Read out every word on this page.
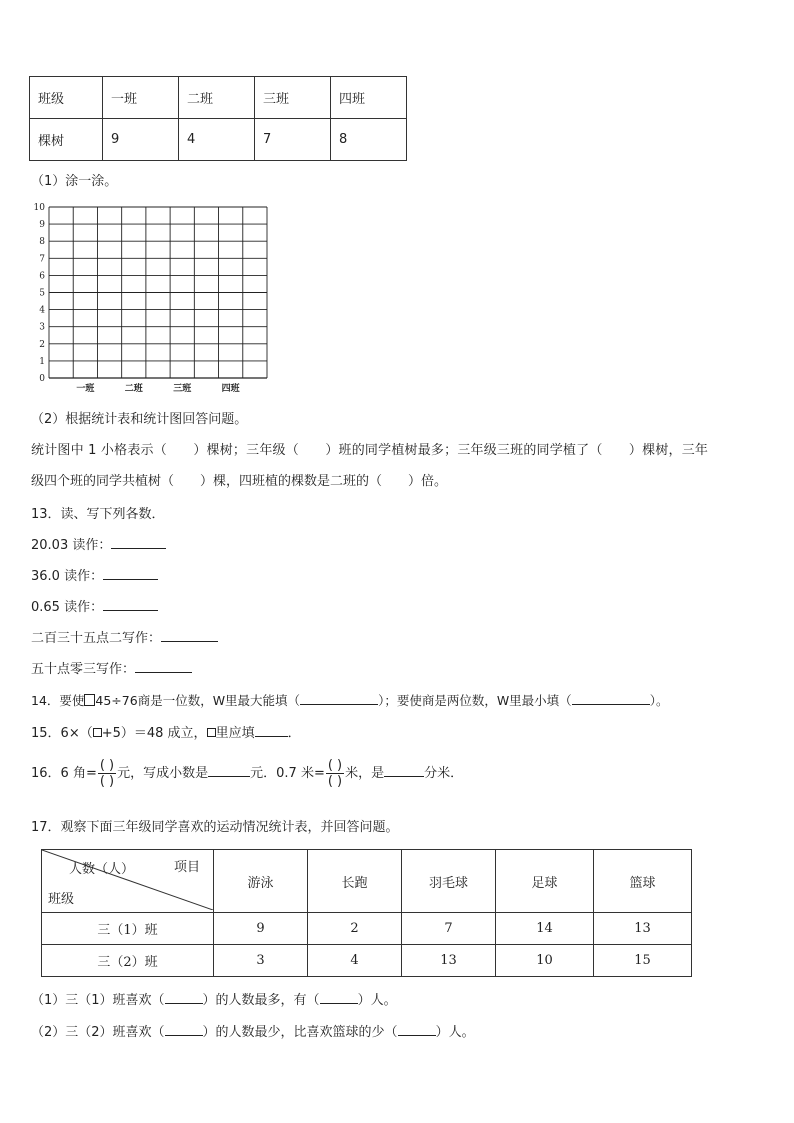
班级	一班	二班	三班	四班
棵树	9	4	7	8
（1）涂一涂。
0
1
2
3
4
5
6
7
8
9
10
一班	二班	三班	四班
（2）根据统计表和统计图回答问题。
统计图中 1 小格表示（　　）棵树；三年级（　　）班的同学植树最多；三年级三班的同学植了（　　）棵树，三年
级四个班的同学共植树（　　）棵，四班植的棵数是二班的（　　）倍。
13．读、写下列各数．
20.03 读作：
36.0 读作：
0.65 读作：
二百三十五点二写作：
五十点零三写作：
14．要使 45÷76商是一位数，W里最大能填（	）；要使商是两位数，W里最小填（	）。
15．6×（ +5）＝48 成立， 里应填	．
16．6 角= $\frac{( )}{( )}$ 元，写成小数是	元．0.7 米= $\frac{( )}{( )}$ 米，是	分米．
17．观察下面三年级同学喜欢的运动情况统计表，并回答问题。
项目
人数（人）
班级	游泳	长跑	羽毛球	足球	篮球
三（1）班	9	2	7	14	13
三（2）班	3	4	13	10	15
（1）三（1）班喜欢（	）的人数最多，有（	）人。
（2）三（2）班喜欢（	）的人数最少，比喜欢篮球的少（	）人。
